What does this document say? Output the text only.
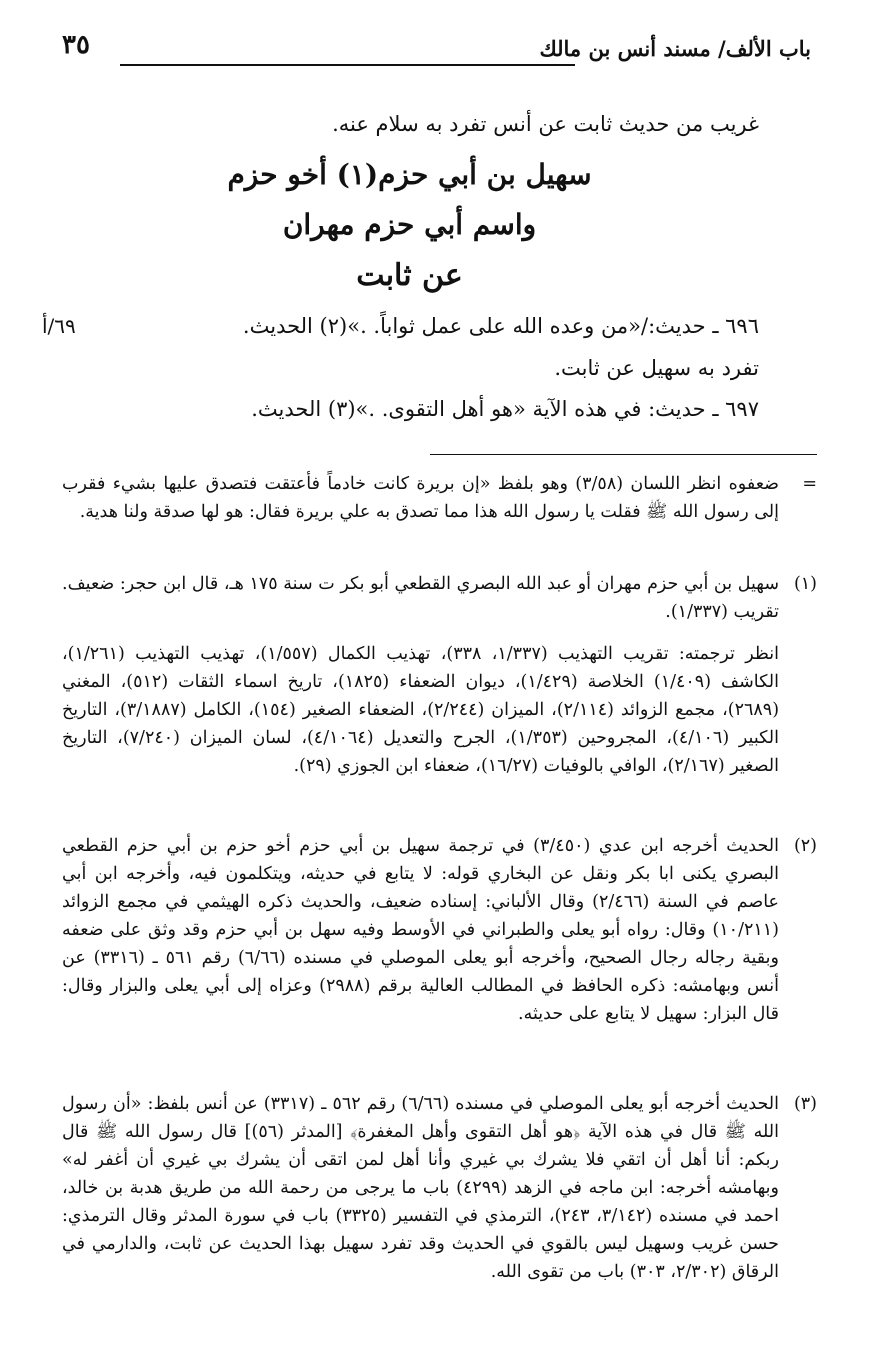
باب الألف/ مسند أنس بن مالك
٣٥
غريب من حديث ثابت عن أنس تفرد به سلام عنه.
سهيل بن أبي حزم(١) أخو حزم
واسم أبي حزم مهران
عن ثابت
٦٩٦ ـ حديث:/«من وعده الله على عمل ثواباً. .»(٢) الحديث.
٦٩/أ
تفرد به سهيل عن ثابت.
٦٩٧ ـ حديث: في هذه الآية «هو أهل التقوى. .»(٣) الحديث.
=
ضعفوه انظر اللسان (٣/٥٨) وهو بلفظ «إن بريرة كانت خادماً فأعتقت فتصدق عليها بشيء فقرب إلى رسول الله ﷺ فقلت يا رسول الله هذا مما تصدق به علي بريرة فقال: هو لها صدقة ولنا هدية.
(١)
سهيل بن أبي حزم مهران أو عبد الله البصري القطعي أبو بكر ت سنة ١٧٥ هـ، قال ابن حجر: ضعيف. تقريب (١/٣٣٧).
انظر ترجمته: تقريب التهذيب (١/٣٣٧، ٣٣٨)، تهذيب الكمال (١/٥٥٧)، تهذيب التهذيب (١/٢٦١)، الكاشف (١/٤٠٩) الخلاصة (١/٤٢٩)، ديوان الضعفاء (١٨٢٥)، تاريخ اسماء الثقات (٥١٢)، المغني (٢٦٨٩)، مجمع الزوائد (٢/١١٤)، الميزان (٢/٢٤٤)، الضعفاء الصغير (١٥٤)، الكامل (٣/١٨٨٧)، التاريخ الكبير (٤/١٠٦)، المجروحين (١/٣٥٣)، الجرح والتعديل (٤/١٠٦٤)، لسان الميزان (٧/٢٤٠)، التاريخ الصغير (٢/١٦٧)، الوافي بالوفيات (١٦/٢٧)، ضعفاء ابن الجوزي (٢٩).
(٢)
الحديث أخرجه ابن عدي (٣/٤٥٠) في ترجمة سهيل بن أبي حزم أخو حزم بن أبي حزم القطعي البصري يكنى ابا بكر ونقل عن البخاري قوله: لا يتابع في حديثه، ويتكلمون فيه، وأخرجه ابن أبي عاصم في السنة (٢/٤٦٦) وقال الألباني: إسناده ضعيف، والحديث ذكره الهيثمي في مجمع الزوائد (١٠/٢١١) وقال: رواه أبو يعلى والطبراني في الأوسط وفيه سهل بن أبي حزم وقد وثق على ضعفه وبقية رجاله رجال الصحيح، وأخرجه أبو يعلى الموصلي في مسنده (٦/٦٦) رقم ٥٦١ ـ (٣٣١٦) عن أنس وبهامشه: ذكره الحافظ في المطالب العالية برقم (٢٩٨٨) وعزاه إلى أبي يعلى والبزار وقال: قال البزار: سهيل لا يتابع على حديثه.
(٣)
الحديث أخرجه أبو يعلى الموصلي في مسنده (٦/٦٦) رقم ٥٦٢ ـ (٣٣١٧) عن أنس بلفظ: «أن رسول الله ﷺ قال في هذه الآية ﴿هو أهل التقوى وأهل المغفرة﴾ [المدثر (٥٦)] قال رسول الله ﷺ قال ربكم: أنا أهل أن اتقي فلا يشرك بي غيري وأنا أهل لمن اتقى أن يشرك بي غيري أن أغفر له» وبهامشه أخرجه: ابن ماجه في الزهد (٤٢٩٩) باب ما يرجى من رحمة الله من طريق هدبة بن خالد، احمد في مسنده (٣/١٤٢، ٢٤٣)، الترمذي في التفسير (٣٣٢٥) باب في سورة المدثر وقال الترمذي: حسن غريب وسهيل ليس بالقوي في الحديث وقد تفرد سهيل بهذا الحديث عن ثابت، والدارمي في الرقاق (٢/٣٠٢، ٣٠٣) باب من تقوى الله.
